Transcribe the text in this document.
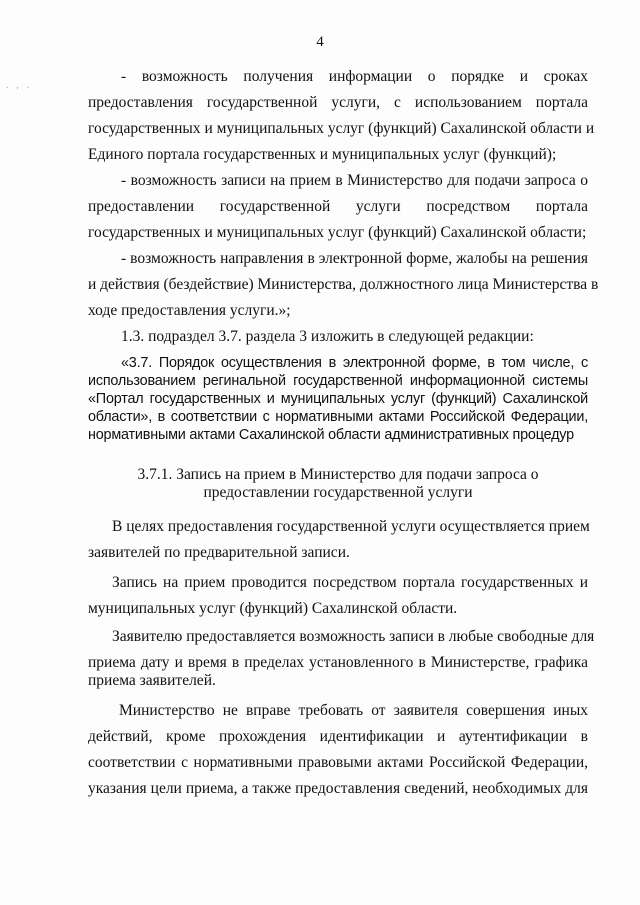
. , .
4
- возможность получения информации о порядке и сроках
предоставления государственной услуги, с использованием портала
государственных и муниципальных услуг (функций) Сахалинской области и
Единого портала государственных и муниципальных услуг (функций);
- возможность записи на прием в Министерство для подачи запроса о
предоставлении государственной услуги посредством портала
государственных и муниципальных услуг (функций) Сахалинской области;
- возможность направления в электронной форме, жалобы на решения
и действия (бездействие) Министерства, должностного лица Министерства в
ходе предоставления услуги.»;
1.3. подраздел 3.7. раздела 3 изложить в следующей редакции:
«3.7. Порядок осуществления в электронной форме, в том числе, с
использованием регинальной государственной информационной системы
«Портал государственных и муниципальных услуг (функций) Сахалинской
области», в соответствии с нормативными актами Российской Федерации,
нормативными актами Сахалинской области административных процедур
3.7.1. Запись на прием в Министерство для подачи запроса о
предоставлении государственной услуги
В целях предоставления государственной услуги осуществляется прием
заявителей по предварительной записи.
Запись на прием проводится посредством портала государственных и
муниципальных услуг (функций) Сахалинской области.
Заявителю предоставляется возможность записи в любые свободные для
приема дату и время в пределах установленного в Министерстве, графика
приема заявителей.
Министерство не вправе требовать от заявителя совершения иных
действий, кроме прохождения идентификации и аутентификации в
соответствии с нормативными правовыми актами Российской Федерации,
указания цели приема, а также предоставления сведений, необходимых для
